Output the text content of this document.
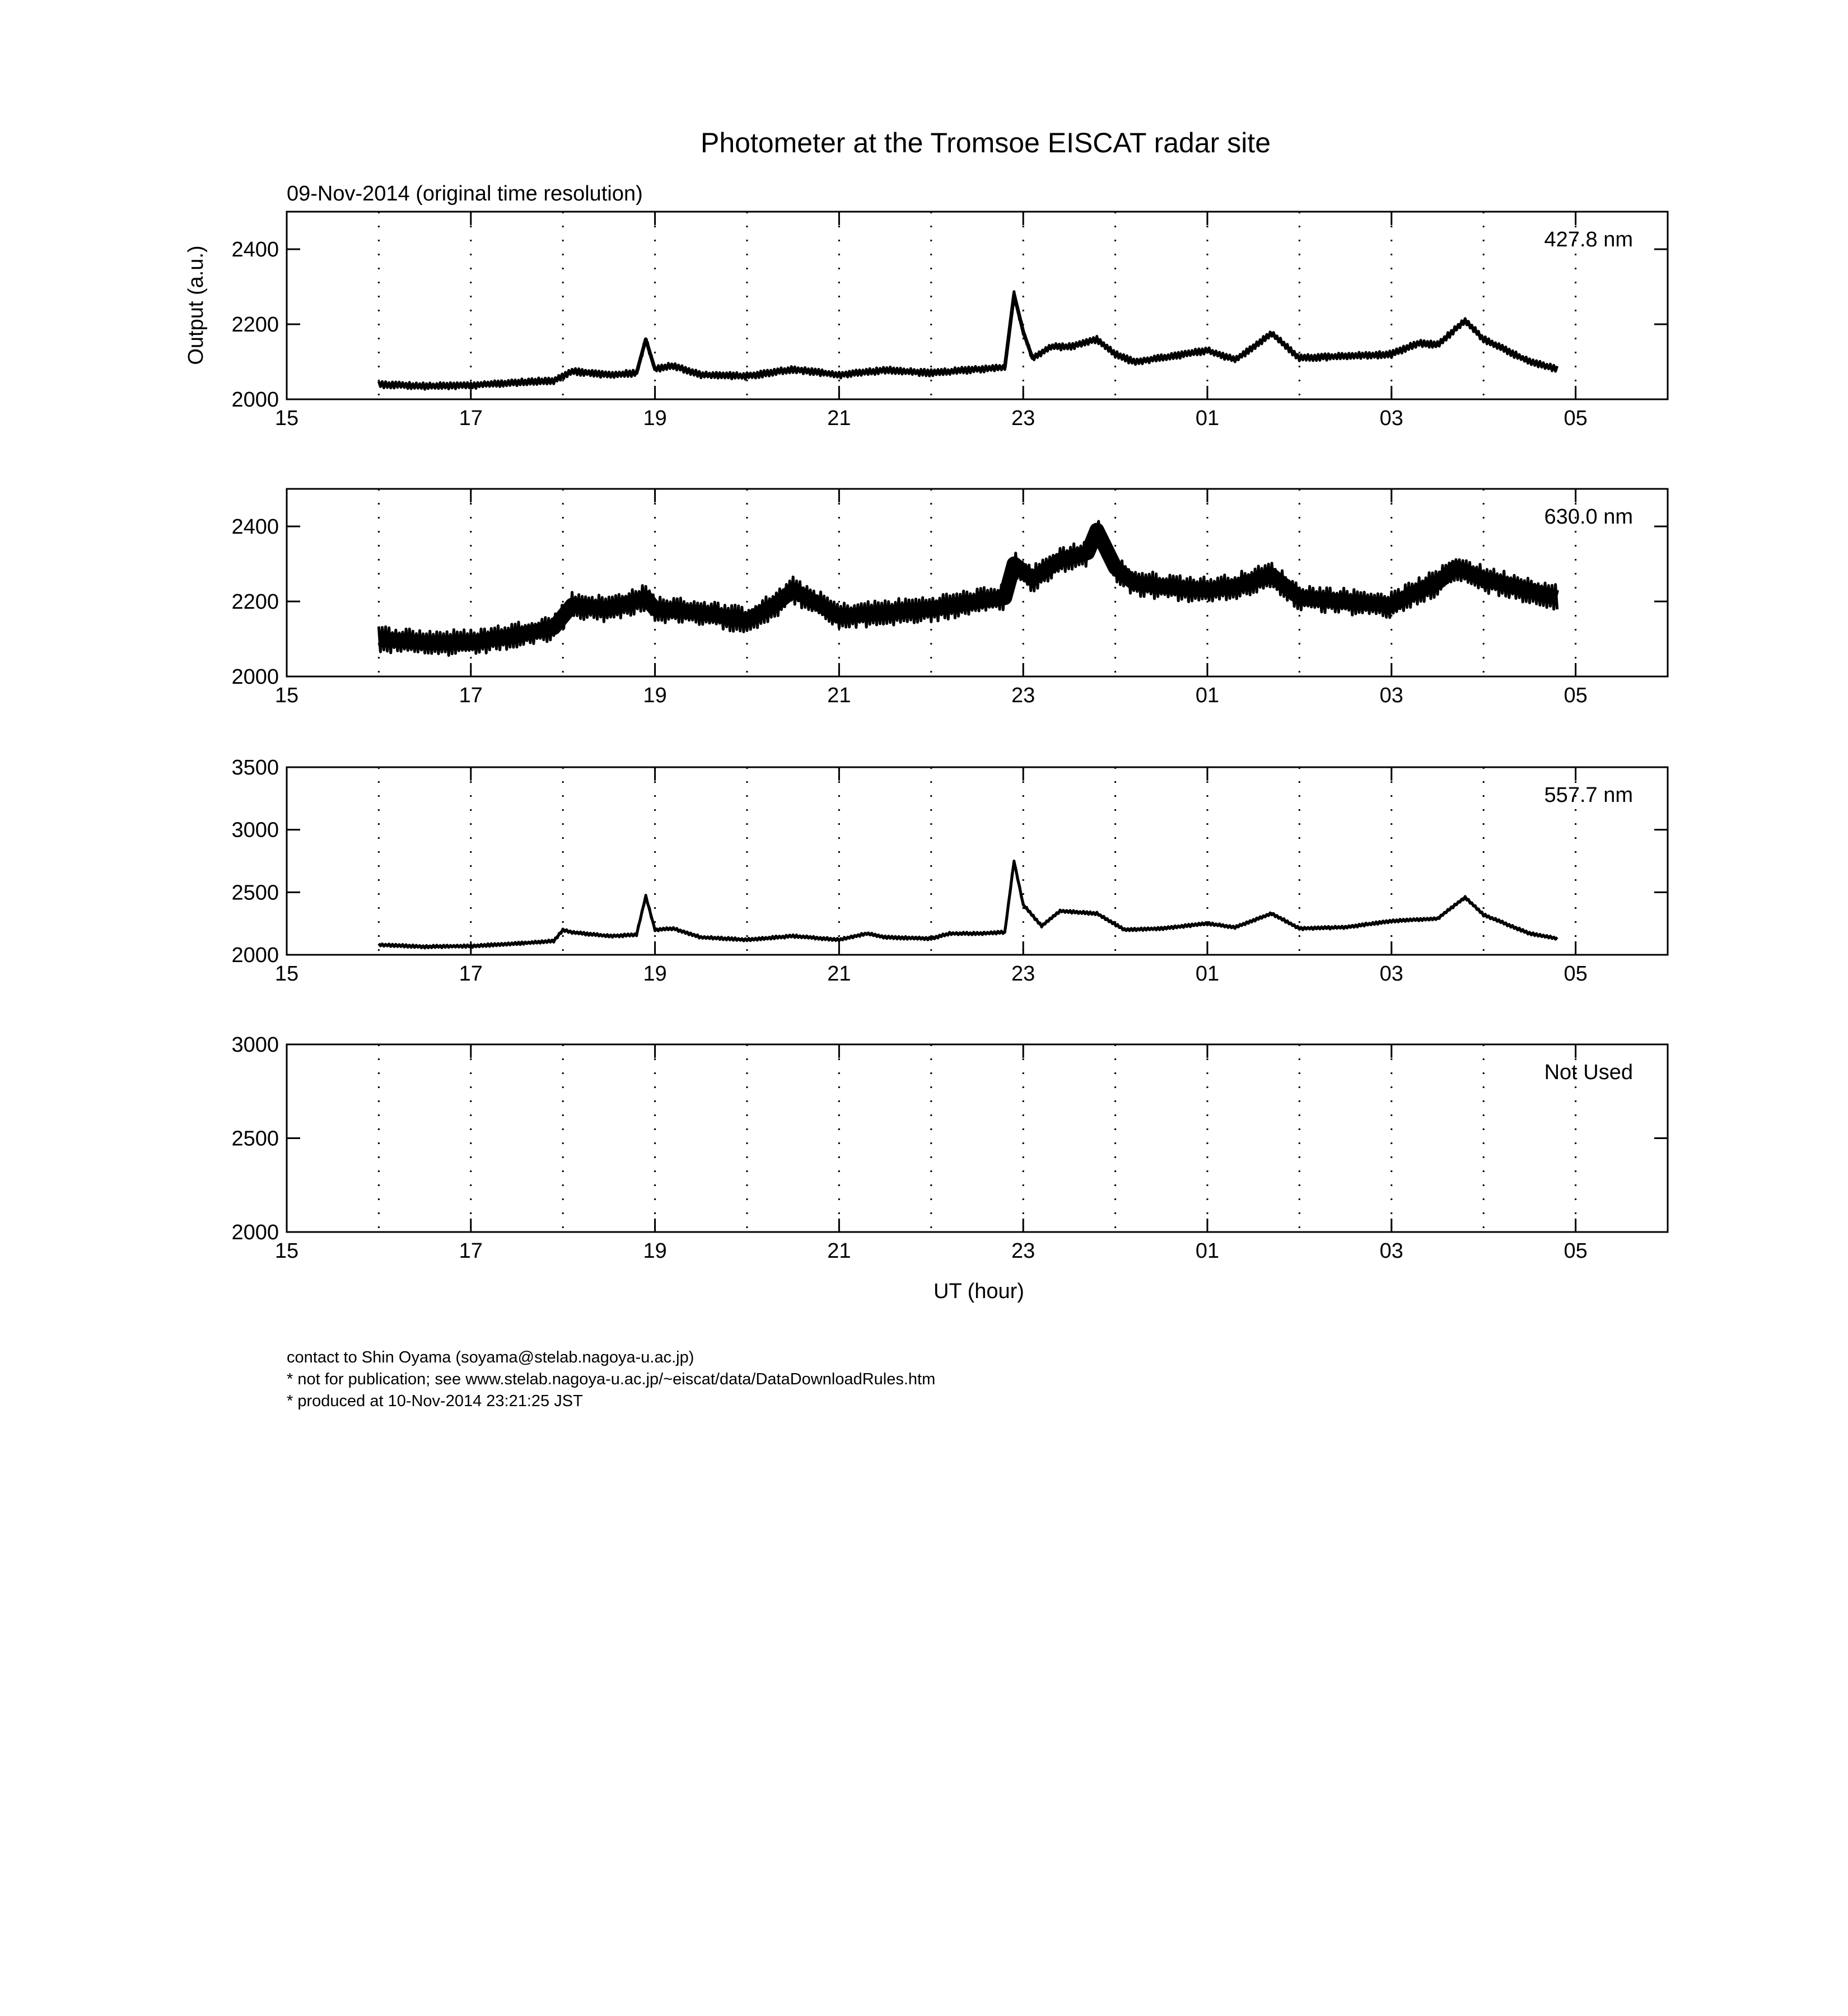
Photometer at the Tromsoe EISCAT radar site
09-Nov-2014 (original time resolution)
Output (a.u.)
UT (hour)
2000
2200
2400
15	17	19	21	23	01	03	05
427.8 nm
2000
2200
2400
15	17	19	21	23	01	03	05
630.0 nm
2000
2500
3000
3500
15	17	19	21	23	01	03	05
557.7 nm
2000
2500
3000
15	17	19	21	23	01	03	05
Not Used
contact to Shin Oyama (soyama@stelab.nagoya-u.ac.jp)
* not for publication; see www.stelab.nagoya-u.ac.jp/~eiscat/data/DataDownloadRules.htm
* produced at 10-Nov-2014 23:21:25 JST
